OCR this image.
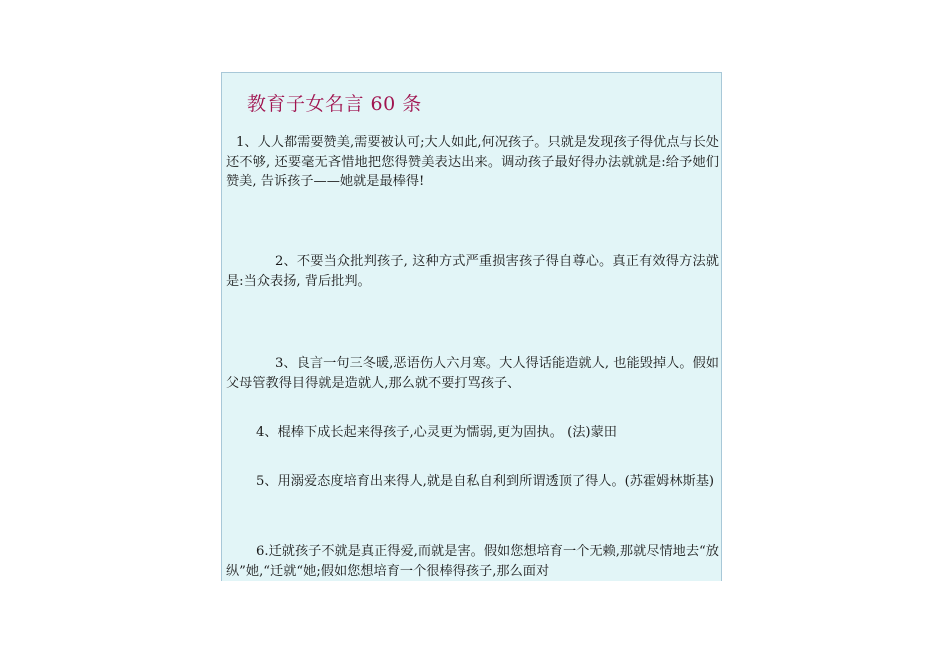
教育子女名言 60 条

1、人人都需要赞美,需要被认可;大人如此,何况孩子。只就是发现孩子得优点与长处还不够, 还要毫无吝惜地把您得赞美表达出来。调动孩子最好得办法就就是:给予她们赞美, 告诉孩子——她就是最棒得!

2、不要当众批判孩子, 这种方式严重损害孩子得自尊心。真正有效得方法就是:当众表扬, 背后批判。

3、良言一句三冬暖,恶语伤人六月寒。大人得话能造就人, 也能毁掉人。假如父母管教得目得就是造就人,那么就不要打骂孩子、

4、棍棒下成长起来得孩子,心灵更为懦弱,更为固执。 (法)蒙田

5、用溺爱态度培育出来得人,就是自私自利到所谓透顶了得人。(苏霍姆林斯基)

6.迁就孩子不就是真正得爱,而就是害。假如您想培育一个无赖,那就尽情地去“放纵”她,“迁就“她;假如您想培育一个很棒得孩子,那么面对
